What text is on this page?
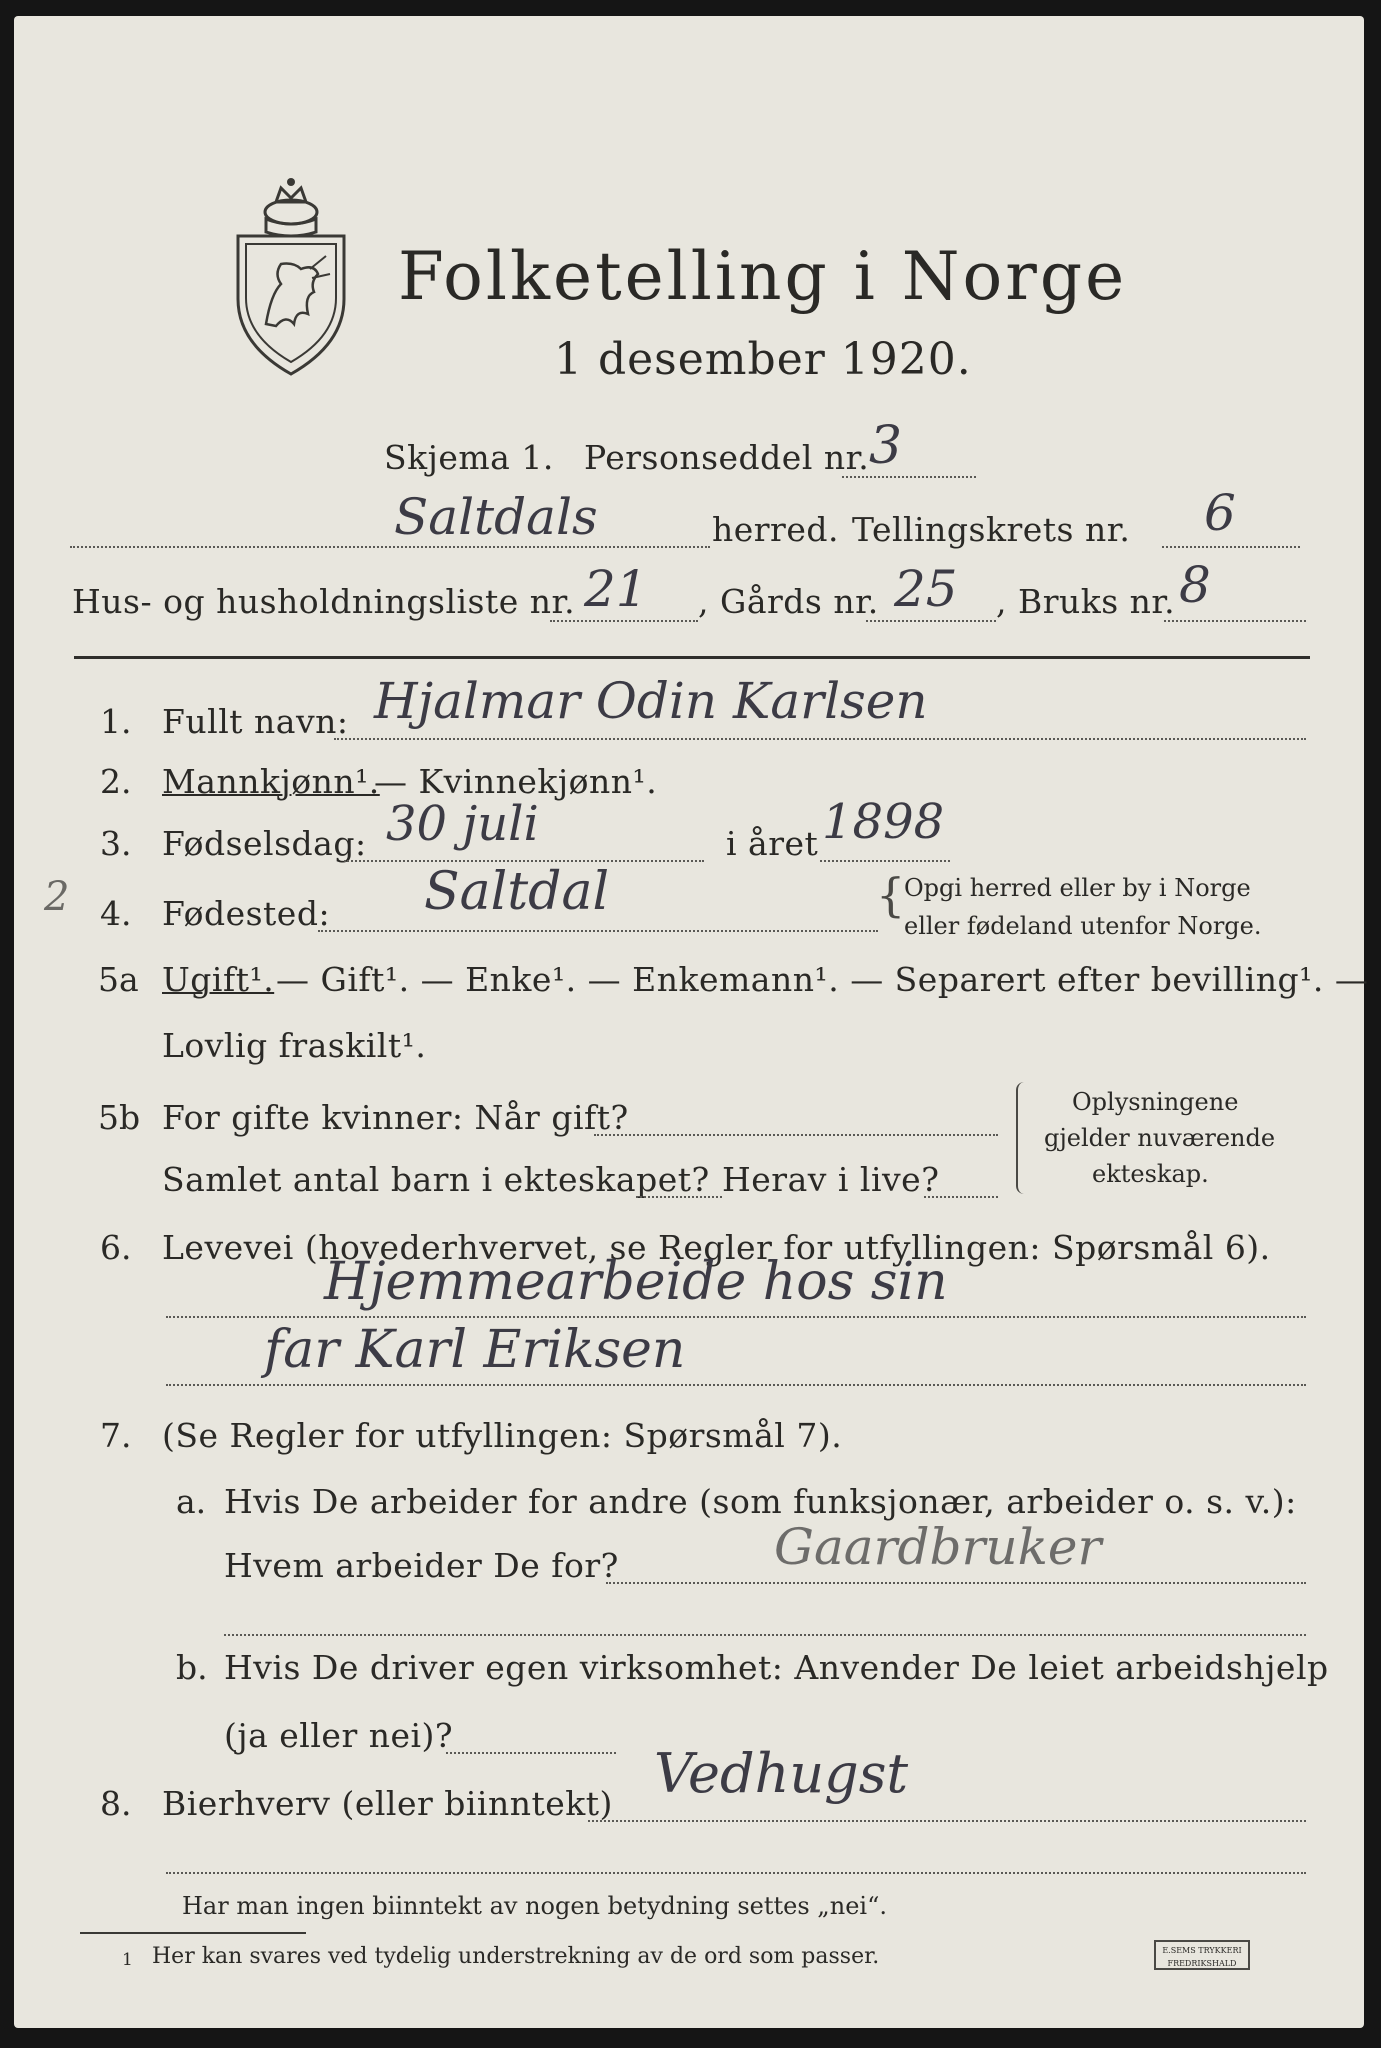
Folketelling i Norge
1 desember 1920.
Skjema 1. Personseddel nr. 3
Saltdals	herred. Tellingskrets nr. 6
Hus- og husholdningsliste nr. 21 , Gårds nr. 25 , Bruks nr. 8
1. Fullt navn: Hjalmar Odin Karlsen
2. Mannkjønn¹.
— Kvinnekjønn¹.
3. Fødselsdag: 30 juli	i året 1898
2 4. Fødested: Saltdal	{
Opgi herred eller by i Norge
eller fødeland utenfor Norge.
5a Ugift¹. — Gift¹. — Enke¹. — Enkemann¹. — Separert efter bevilling¹. —
Lovlig fraskilt¹.
5b For gifte kvinner: Når gift?
Samlet antal barn i ekteskapet? Herav i live?
Oplysningene
gjelder nuværende
ekteskap.
6. Levevei (hovederhvervet, se Regler for utfyllingen: Spørsmål 6).
Hjemmearbeide hos sin
far Karl Eriksen
7. (Se Regler for utfyllingen: Spørsmål 7).
a. Hvis De arbeider for andre (som funksjonær, arbeider o. s. v.):
Hvem arbeider De for?	Gaardbruker
b. Hvis De driver egen virksomhet: Anvender De leiet arbeidshjelp
(ja eller nei)?
8. Bierhverv (eller biinntekt) Vedhugst
Har man ingen biinntekt av nogen betydning settes „nei“.
1 Her kan svares ved tydelig understrekning av de ord som passer.	E.SEMS TRYKKERI
FREDRIKSHALD
